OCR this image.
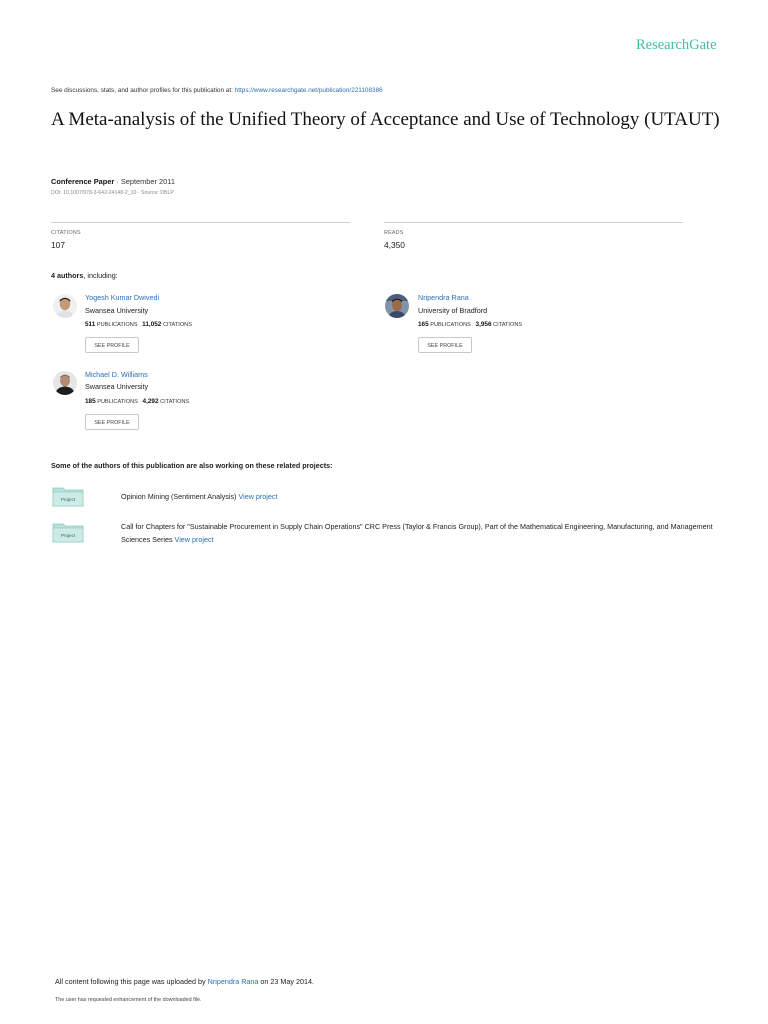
ResearchGate
See discussions, stats, and author profiles for this publication at: https://www.researchgate.net/publication/221108386
A Meta-analysis of the Unified Theory of Acceptance and Use of Technology (UTAUT)
Conference Paper · September 2011
DOI: 10.1007/978-3-642-24148-2_10 · Source: DBLP
CITATIONS
107
READS
4,350
4 authors, including:
Yogesh Kumar Dwivedi
Swansea University
511 PUBLICATIONS 11,052 CITATIONS
SEE PROFILE
Nripendra Rana
University of Bradford
165 PUBLICATIONS 3,956 CITATIONS
SEE PROFILE
Michael D. Williams
Swansea University
185 PUBLICATIONS 4,292 CITATIONS
SEE PROFILE
Some of the authors of this publication are also working on these related projects:
Project	Opinion Mining (Sentiment Analysis) View project
Project
Call for Chapters for "Sustainable Procurement in Supply Chain Operations" CRC Press (Taylor & Francis Group), Part of the Mathematical Engineering, Manufacturing, and Management Sciences Series View project
All content following this page was uploaded by Nripendra Rana on 23 May 2014.
The user has requested enhancement of the downloaded file.
